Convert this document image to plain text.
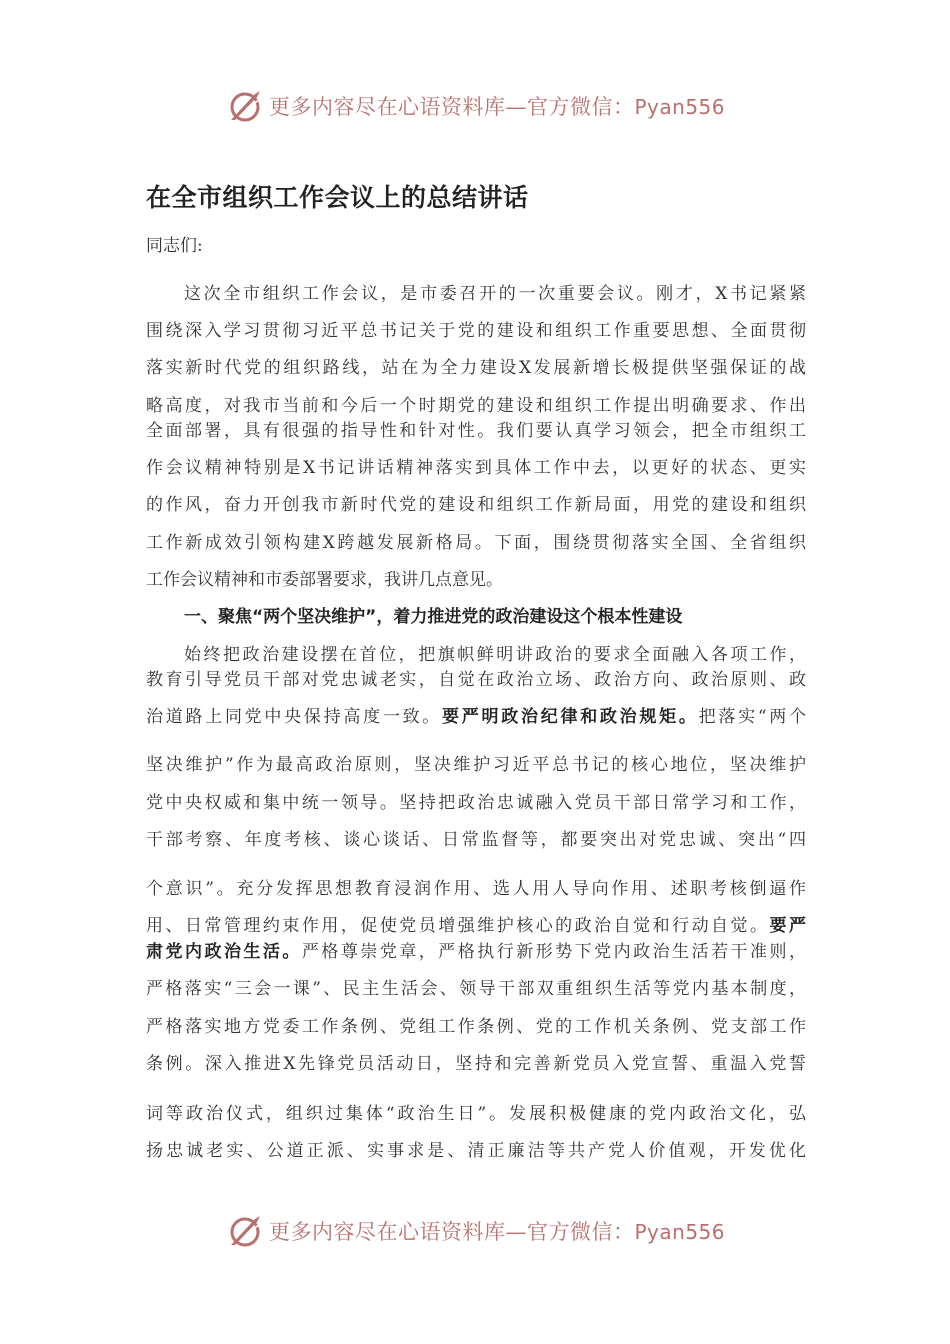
更多内容尽在心语资料库—官方微信：Pyan556
在全市组织工作会议上的总结讲话
同志们:
这次全市组织工作会议，是市委召开的一次重要会议。刚才，X书记紧紧
围绕深入学习贯彻习近平总书记关于党的建设和组织工作重要思想、全面贯彻
落实新时代党的组织路线，站在为全力建设X发展新增长极提供坚强保证的战
略高度，对我市当前和今后一个时期党的建设和组织工作提出明确要求、作出
全面部署，具有很强的指导性和针对性。我们要认真学习领会，把全市组织工
作会议精神特别是X书记讲话精神落实到具体工作中去，以更好的状态、更实
的作风，奋力开创我市新时代党的建设和组织工作新局面，用党的建设和组织
工作新成效引领构建X跨越发展新格局。下面，围绕贯彻落实全国、全省组织
工作会议精神和市委部署要求，我讲几点意见。
一、聚焦“两个坚决维护”，着力推进党的政治建设这个根本性建设
始终把政治建设摆在首位，把旗帜鲜明讲政治的要求全面融入各项工作，
教育引导党员干部对党忠诚老实，自觉在政治立场、政治方向、政治原则、政
治道路上同党中央保持高度一致。要严明政治纪律和政治规矩。把落实“两个
坚决维护”作为最高政治原则，坚决维护习近平总书记的核心地位，坚决维护
党中央权威和集中统一领导。坚持把政治忠诚融入党员干部日常学习和工作，
干部考察、年度考核、谈心谈话、日常监督等，都要突出对党忠诚、突出“四
个意识”。充分发挥思想教育浸润作用、选人用人导向作用、述职考核倒逼作
用、日常管理约束作用，促使党员增强维护核心的政治自觉和行动自觉。要严
肃党内政治生活。严格尊崇党章，严格执行新形势下党内政治生活若干准则，
严格落实“三会一课”、民主生活会、领导干部双重组织生活等党内基本制度，
严格落实地方党委工作条例、党组工作条例、党的工作机关条例、党支部工作
条例。深入推进X先锋党员活动日，坚持和完善新党员入党宣誓、重温入党誓
词等政治仪式，组织过集体“政治生日”。发展积极健康的党内政治文化，弘
扬忠诚老实、公道正派、实事求是、清正廉洁等共产党人价值观，开发优化
更多内容尽在心语资料库—官方微信：Pyan556
